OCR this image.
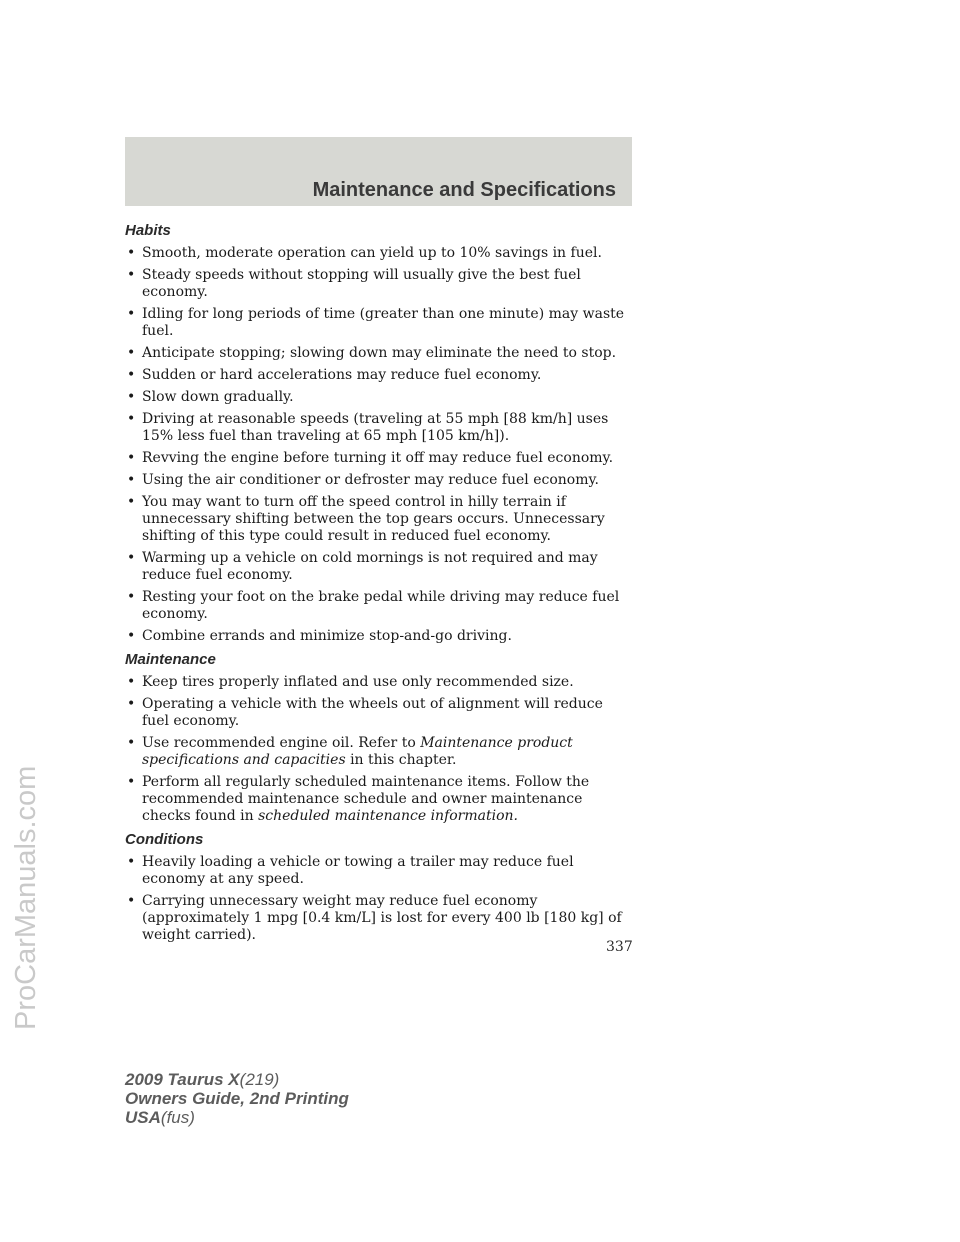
Maintenance and Specifications
ProCarManuals.com
Habits
• Smooth, moderate operation can yield up to 10% savings in fuel.
• Steady speeds without stopping will usually give the best fuel economy.
• Idling for long periods of time (greater than one minute) may waste fuel.
• Anticipate stopping; slowing down may eliminate the need to stop.
• Sudden or hard accelerations may reduce fuel economy.
• Slow down gradually.
• Driving at reasonable speeds (traveling at 55 mph [88 km/h] uses 15% less fuel than traveling at 65 mph [105 km/h]).
• Revving the engine before turning it off may reduce fuel economy.
• Using the air conditioner or defroster may reduce fuel economy.
• You may want to turn off the speed control in hilly terrain if unnecessary shifting between the top gears occurs. Unnecessary shifting of this type could result in reduced fuel economy.
• Warming up a vehicle on cold mornings is not required and may reduce fuel economy.
• Resting your foot on the brake pedal while driving may reduce fuel economy.
• Combine errands and minimize stop-and-go driving.
Maintenance
• Keep tires properly inflated and use only recommended size.
• Operating a vehicle with the wheels out of alignment will reduce fuel economy.
• Use recommended engine oil. Refer to Maintenance product specifications and capacities in this chapter.
• Perform all regularly scheduled maintenance items. Follow the recommended maintenance schedule and owner maintenance checks found in scheduled maintenance information.
Conditions
• Heavily loading a vehicle or towing a trailer may reduce fuel economy at any speed.
• Carrying unnecessary weight may reduce fuel economy (approximately 1 mpg [0.4 km/L] is lost for every 400 lb [180 kg] of weight carried).
337
2009 Taurus X(219)
Owners Guide, 2nd Printing
USA(fus)
